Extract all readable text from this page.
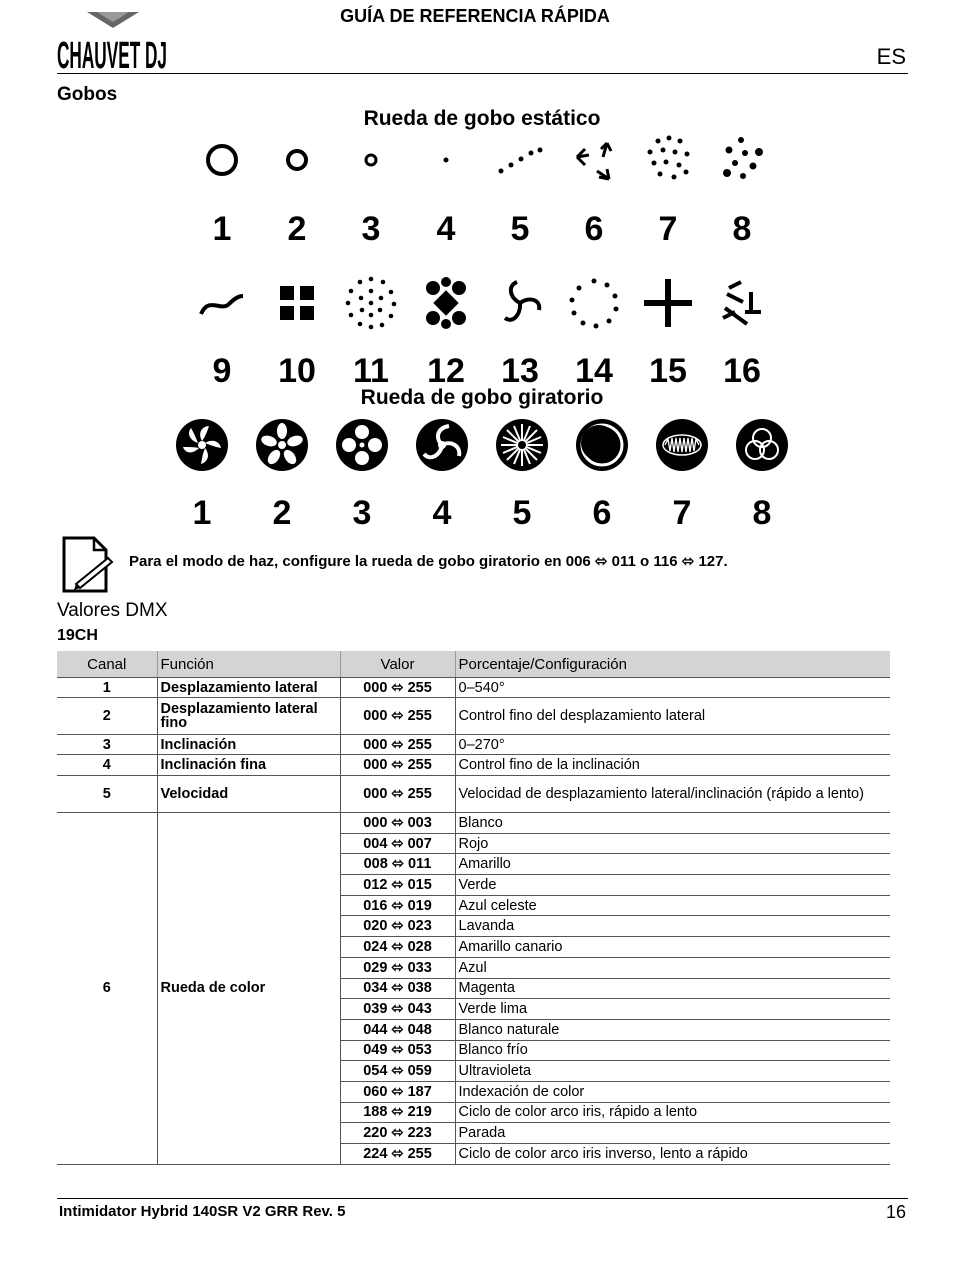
GUÍA DE REFERENCIA RÁPIDA
CHAUVET DJ	ES
Gobos
Rueda de gobo estático
1	2	3	4	5	6	7	8
9	10	11	12	13	14	15	16
Rueda de gobo giratorio
1	2	3	4	5	6	7	8
Para el modo de haz, configure la rueda de gobo giratorio en 006 ⬄ 011 o 116 ⬄ 127.
Valores DMX
19CH
Canal	Función	Valor	Porcentaje/Configuración
1	Desplazamiento lateral	000 ⬄ 255	0–540°
2	Desplazamiento lateral fino	000 ⬄ 255	Control fino del desplazamiento lateral
3	Inclinación	000 ⬄ 255	0–270°
4	Inclinación fina	000 ⬄ 255	Control fino de la inclinación
5	Velocidad	000 ⬄ 255	Velocidad de desplazamiento lateral/inclinación (rápido a lento)
6	Rueda de color	000 ⬄ 003	Blanco
		004 ⬄ 007	Rojo
		008 ⬄ 011	Amarillo
		012 ⬄ 015	Verde
		016 ⬄ 019	Azul celeste
		020 ⬄ 023	Lavanda
		024 ⬄ 028	Amarillo canario
		029 ⬄ 033	Azul
		034 ⬄ 038	Magenta
		039 ⬄ 043	Verde lima
		044 ⬄ 048	Blanco naturale
		049 ⬄ 053	Blanco frío
		054 ⬄ 059	Ultravioleta
		060 ⬄ 187	Indexación de color
		188 ⬄ 219	Ciclo de color arco iris, rápido a lento
		220 ⬄ 223	Parada
		224 ⬄ 255	Ciclo de color arco iris inverso, lento a rápido
Intimidator Hybrid 140SR V2 GRR Rev. 5	16
